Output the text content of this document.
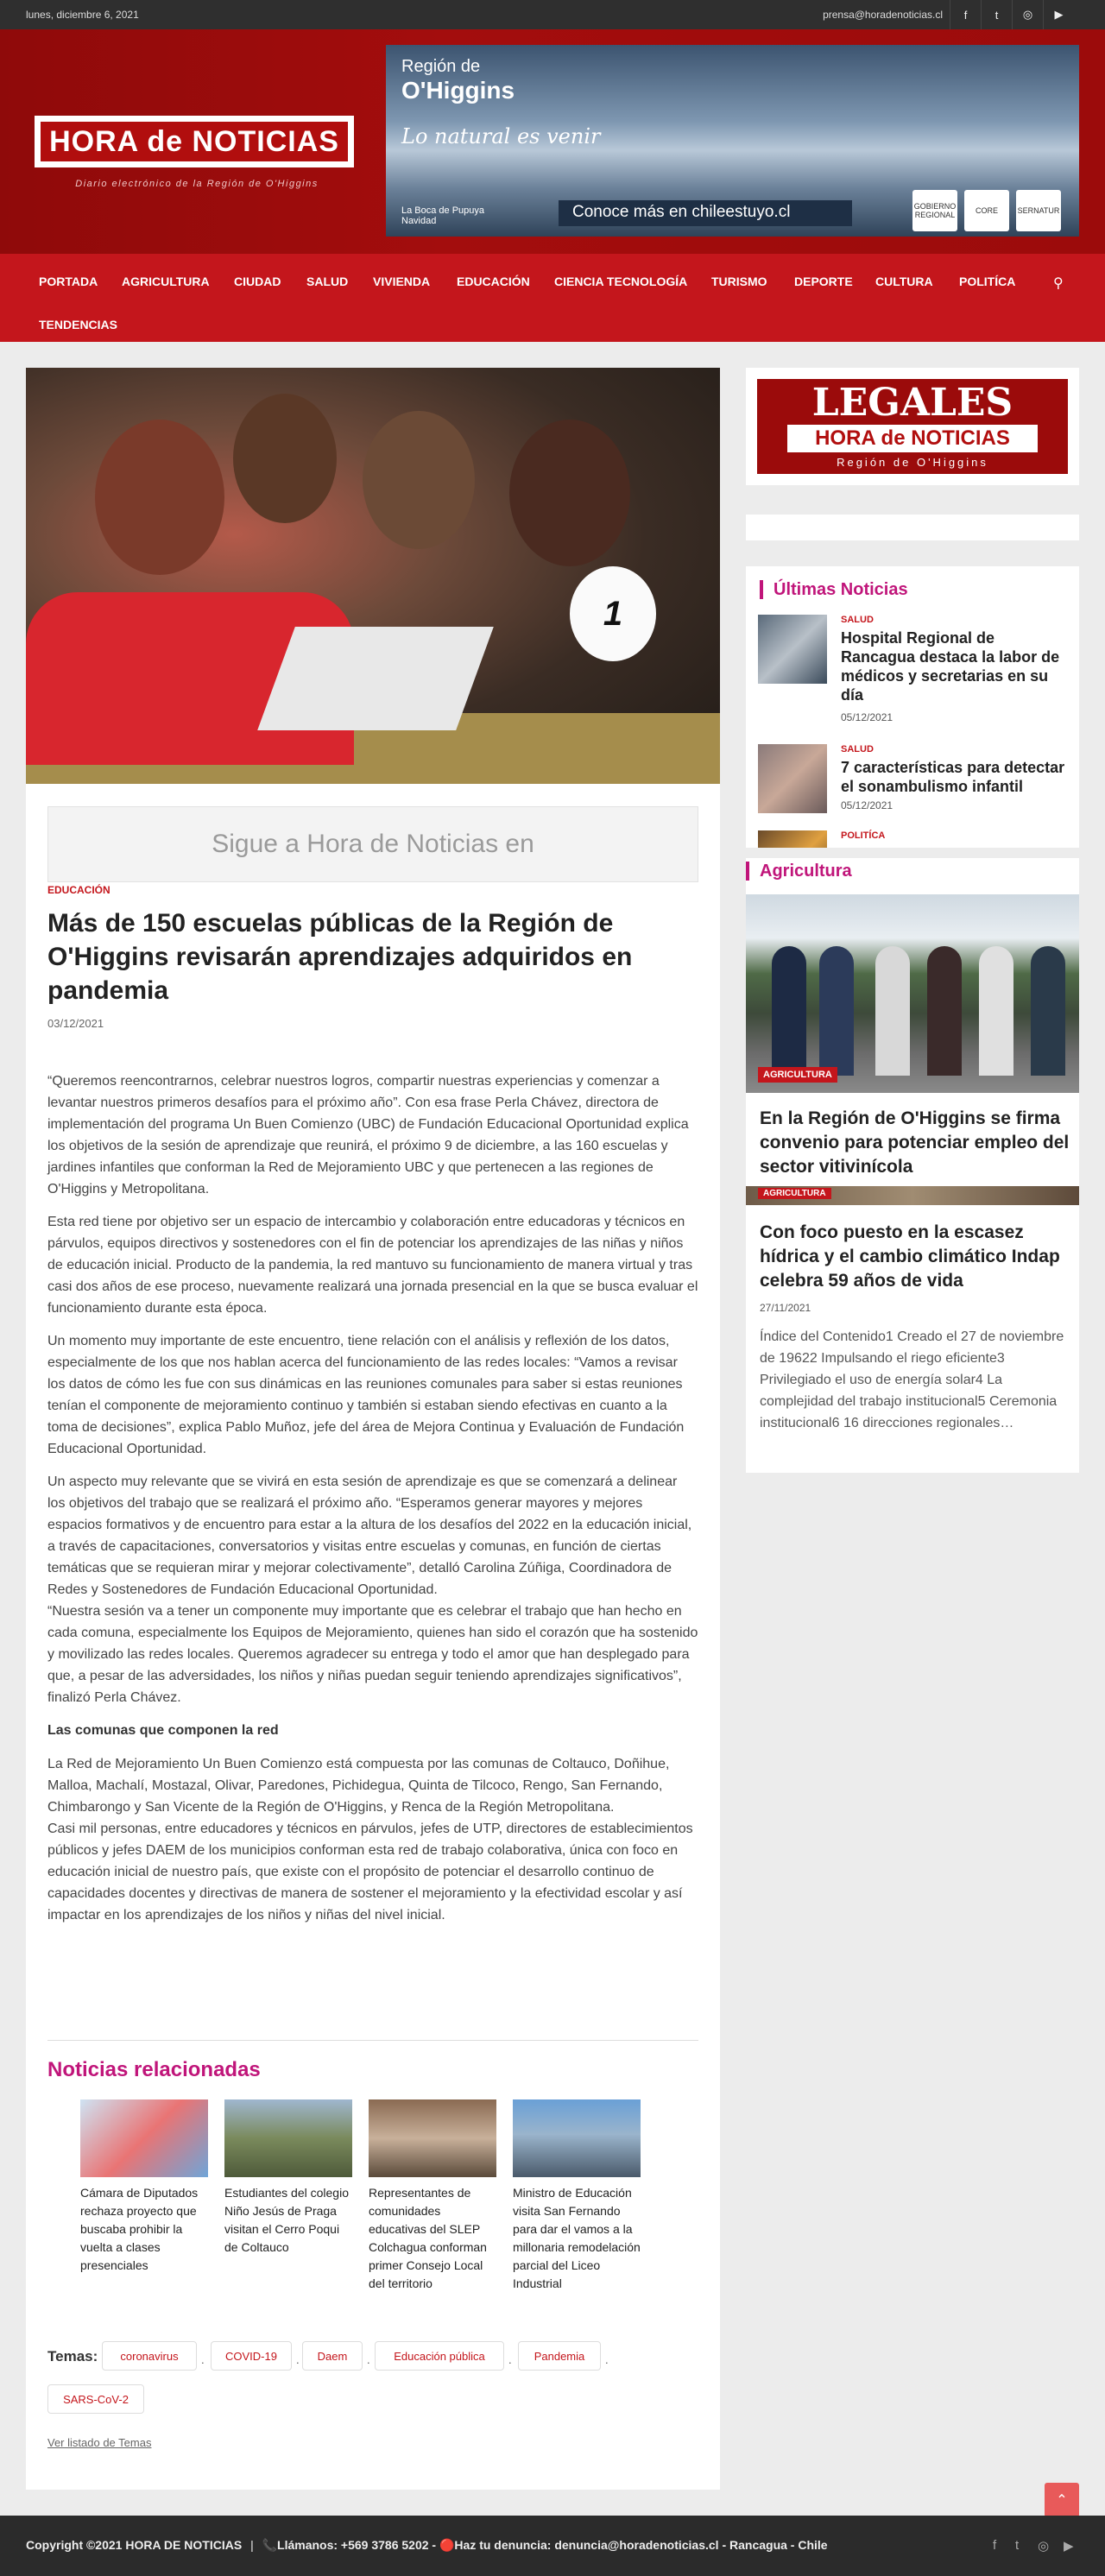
lunes, diciembre 6, 2021	prensa@horadenoticias.cl	f	t	◎	▶
HORA de NOTICIAS
Diario electrónico de la Región de O'Higgins
Región de
O'Higgins
Lo natural es venir
La Boca de Pupuya
Navidad	Conoce más en chileestuyo.cl	GOBIERNO REGIONAL	CORE	SERNATUR
PORTADA AGRICULTURA CIUDAD SALUD VIVIENDA EDUCACIÓN CIENCIA TECNOLOGÍA TURISMO DEPORTE CULTURA POLITÍCA
TENDENCIAS
⚲
1
Sigue a Hora de Noticias en
EDUCACIÓN
Más de 150 escuelas públicas de la Región de O'Higgins revisarán aprendizajes adquiridos en pandemia
03/12/2021

“Queremos reencontrarnos, celebrar nuestros logros, compartir nuestras experiencias y comenzar a levantar nuestros primeros desafíos para el próximo año”. Con esa frase Perla Chávez, directora de implementación del programa Un Buen Comienzo (UBC) de Fundación Educacional Oportunidad explica los objetivos de la sesión de aprendizaje que reunirá, el próximo 9 de diciembre, a las 160 escuelas y jardines infantiles que conforman la Red de Mejoramiento UBC y que pertenecen a las regiones de O'Higgins y Metropolitana.

Esta red tiene por objetivo ser un espacio de intercambio y colaboración entre educadoras y técnicos en párvulos, equipos directivos y sostenedores con el fin de potenciar los aprendizajes de las niñas y niños de educación inicial. Producto de la pandemia, la red mantuvo su funcionamiento de manera virtual y tras casi dos años de ese proceso, nuevamente realizará una jornada presencial en la que se busca evaluar el funcionamiento durante esta época.

Un momento muy importante de este encuentro, tiene relación con el análisis y reflexión de los datos, especialmente de los que nos hablan acerca del funcionamiento de las redes locales: “Vamos a revisar los datos de cómo les fue con sus dinámicas en las reuniones comunales para saber si estas reuniones tenían el componente de mejoramiento continuo y también si estaban siendo efectivas en cuanto a la toma de decisiones”, explica Pablo Muñoz, jefe del área de Mejora Continua y Evaluación de Fundación Educacional Oportunidad.

Un aspecto muy relevante que se vivirá en esta sesión de aprendizaje es que se comenzará a delinear los objetivos del trabajo que se realizará el próximo año. “Esperamos generar mayores y mejores espacios formativos y de encuentro para estar a la altura de los desafíos del 2022 en la educación inicial, a través de capacitaciones, conversatorios y visitas entre escuelas y comunas, en función de ciertas temáticas que se requieran mirar y mejorar colectivamente”, detalló Carolina Zúñiga, Coordinadora de Redes y Sostenedores de Fundación Educacional Oportunidad.

“Nuestra sesión va a tener un componente muy importante que es celebrar el trabajo que han hecho en cada comuna, especialmente los Equipos de Mejoramiento, quienes han sido el corazón que ha sostenido y movilizado las redes locales. Queremos agradecer su entrega y todo el amor que han desplegado para que, a pesar de las adversidades, los niños y niñas puedan seguir teniendo aprendizajes significativos”, finalizó Perla Chávez.

Las comunas que componen la red

La Red de Mejoramiento Un Buen Comienzo está compuesta por las comunas de Coltauco, Doñihue, Malloa, Machalí, Mostazal, Olivar, Paredones, Pichidegua, Quinta de Tilcoco, Rengo, San Fernando, Chimbarongo y San Vicente de la Región de O'Higgins, y Renca de la Región Metropolitana.

Casi mil personas, entre educadores y técnicos en párvulos, jefes de UTP, directores de establecimientos públicos y jefes DAEM de los municipios conforman esta red de trabajo colaborativa, única con foco en educación inicial de nuestro país, que existe con el propósito de potenciar el desarrollo continuo de capacidades docentes y directivas de manera de sostener el mejoramiento y la efectividad escolar y así impactar en los aprendizajes de los niños y niñas del nivel inicial.

Noticias relacionadas
Cámara de Diputados rechaza proyecto que buscaba prohibir la vuelta a clases presenciales
Estudiantes del colegio Niño Jesús de Praga visitan el Cerro Poqui de Coltauco
Representantes de comunidades educativas del SLEP Colchagua conforman primer Consejo Local del territorio
Ministro de Educación visita San Fernando para dar el vamos a la millonaria remodelación parcial del Liceo Industrial
Temas:	coronavirus	.	COVID-19	.	Daem	.	Educación pública	.	Pandemia	.
SARS-CoV-2
Ver listado de Temas
LEGALES
HORA de NOTICIAS
Región de O'Higgins
Últimas Noticias
SALUD
Hospital Regional de Rancagua destaca la labor de médicos y secretarias en su día
05/12/2021
SALUD
7 características para detectar el sonambulismo infantil
05/12/2021
POLITÍCA
Agricultura
AGRICULTURA
En la Región de O'Higgins se firma convenio para potenciar empleo del sector vitivinícola
AGRICULTURA
Con foco puesto en la escasez hídrica y el cambio climático Indap celebra 59 años de vida
27/11/2021
Índice del Contenido1 Creado el 27 de noviembre de 19622 Impulsando el riego eficiente3 Privilegiado el uso de energía solar4 La complejidad del trabajo institucional5 Ceremonia institucional6 16 direcciones regionales…
⌃
Copyright ©2021 HORA DE NOTICIAS | 📞Llámanos: +569 3786 5202 - 🔴Haz tu denuncia: denuncia@horadenoticias.cl - Rancagua - Chile	f t ◎ ▶
